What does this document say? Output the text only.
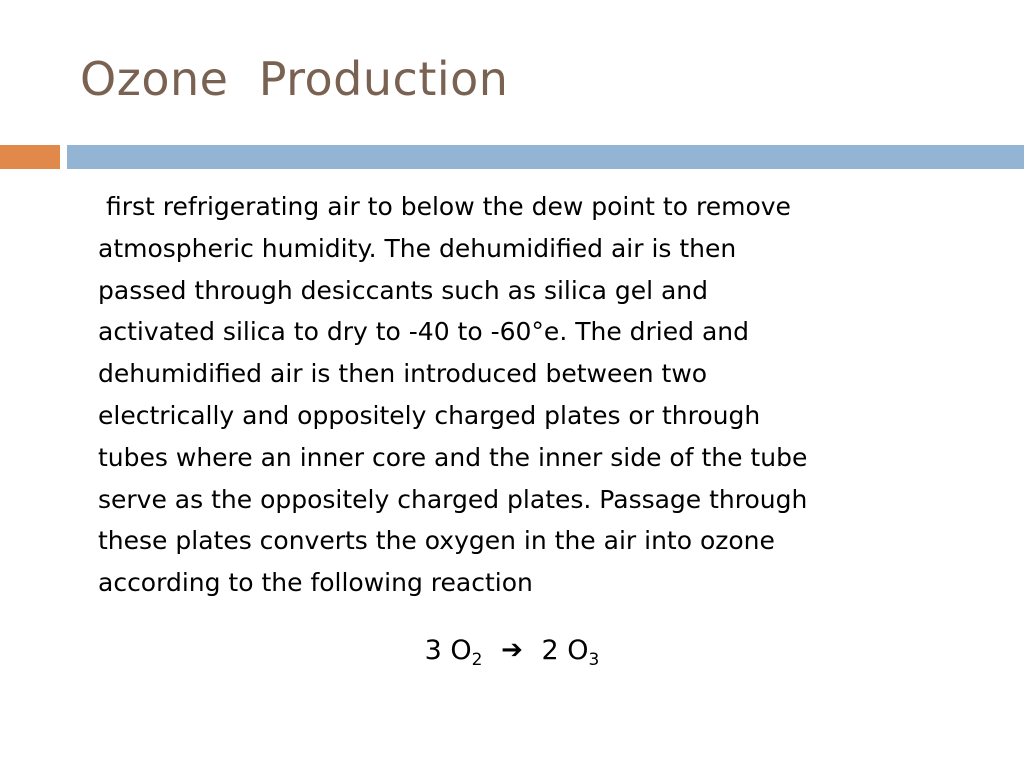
Ozone  Production

first refrigerating air to below the dew point to remove
atmospheric humidity. The dehumidified air is then
passed through desiccants such as silica gel and
activated silica to dry to -40 to -60°e. The dried and
dehumidified air is then introduced between two
electrically and oppositely charged plates or through
tubes where an inner core and the inner side of the tube
serve as the oppositely charged plates. Passage through
these plates converts the oxygen in the air into ozone
according to the following reaction

3 $O_2$ ➔ 2 $O_3$
